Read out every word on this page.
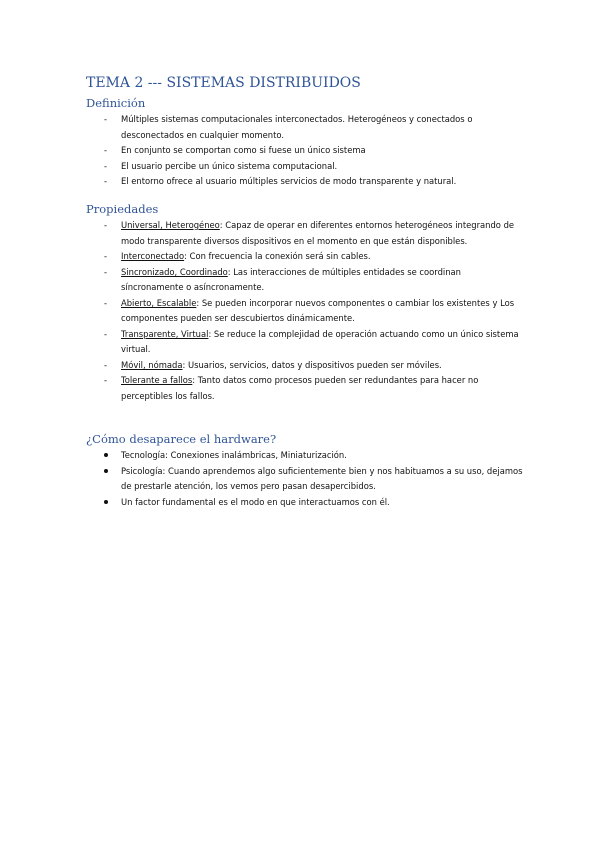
TEMA 2 --- SISTEMAS DISTRIBUIDOS
Definición
-	Múltiples sistemas computacionales interconectados. Heterogéneos y conectados o desconectados en cualquier momento.
-	En conjunto se comportan como si fuese un único sistema
-	El usuario percibe un único sistema computacional.
-	El entorno ofrece al usuario múltiples servicios de modo transparente y natural.
Propiedades
-	Universal, Heterogéneo: Capaz de operar en diferentes entornos heterogéneos integrando de modo transparente diversos dispositivos en el momento en que están disponibles.
-	Interconectado: Con frecuencia la conexión será sin cables.
-	Sincronizado, Coordinado: Las interacciones de múltiples entidades se coordinan síncronamente o asíncronamente.
-	Abierto, Escalable: Se pueden incorporar nuevos componentes o cambiar los existentes y Los componentes pueden ser descubiertos dinámicamente.
-	Transparente, Virtual: Se reduce la complejidad de operación actuando como un único sistema virtual.
-	Móvil, nómada: Usuarios, servicios, datos y dispositivos pueden ser móviles.
-	Tolerante a fallos: Tanto datos como procesos pueden ser redundantes para hacer no perceptibles los fallos.
¿Cómo desaparece el hardware?
Tecnología: Conexiones inalámbricas, Miniaturización.
Psicología: Cuando aprendemos algo suficientemente bien y nos habituamos a su uso, dejamos de prestarle atención, los vemos pero pasan desapercibidos.
Un factor fundamental es el modo en que interactuamos con él.
